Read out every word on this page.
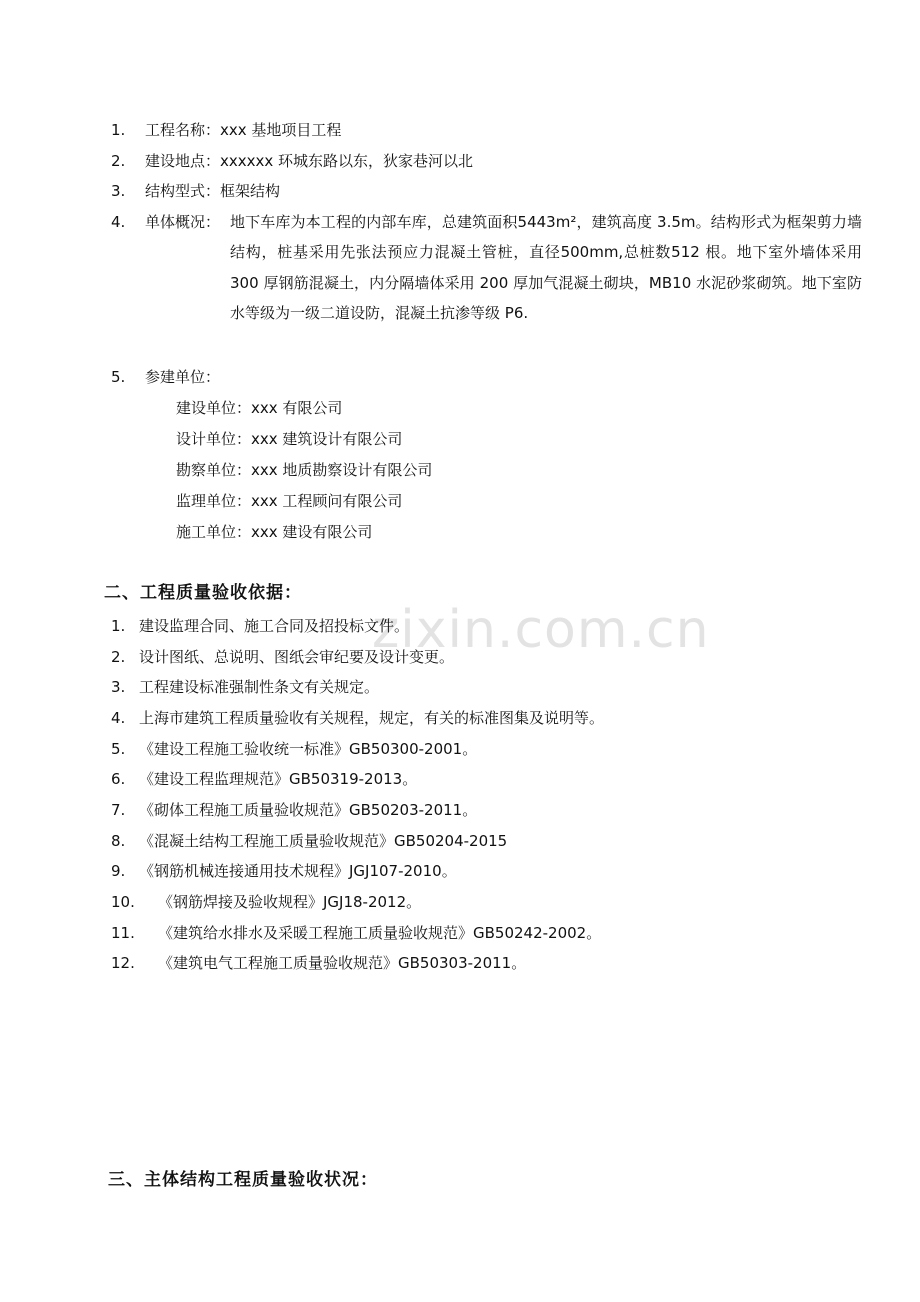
zixin.com.cn
1. 工程名称：xxx 基地项目工程
2. 建设地点：xxxxxx 环城东路以东，狄家巷河以北
3. 结构型式：框架结构
4. 单体概况： 地下车库为本工程的内部车库，总建筑面积5443m²，建筑高度 3.5m。结构形式为框架剪力墙结构，桩基采用先张法预应力混凝土管桩，直径500mm,总桩数512 根。地下室外墙体采用 300 厚钢筋混凝土，内分隔墙体采用 200 厚加气混凝土砌块，MB10 水泥砂浆砌筑。地下室防水等级为一级二道设防，混凝土抗渗等级 P6.
5. 参建单位：
建设单位：xxx 有限公司
设计单位：xxx 建筑设计有限公司
勘察单位：xxx 地质勘察设计有限公司
监理单位：xxx 工程顾问有限公司
施工单位：xxx 建设有限公司
二、工程质量验收依据：
1. 建设监理合同、施工合同及招投标文件。
2. 设计图纸、总说明、图纸会审纪要及设计变更。
3. 工程建设标准强制性条文有关规定。
4. 上海市建筑工程质量验收有关规程，规定，有关的标准图集及说明等。
5. 《建设工程施工验收统一标准》GB50300-2001。
6. 《建设工程监理规范》GB50319-2013。
7. 《砌体工程施工质量验收规范》GB50203-2011。
8. 《混凝土结构工程施工质量验收规范》GB50204-2015
9. 《钢筋机械连接通用技术规程》JGJ107-2010。
10. 《钢筋焊接及验收规程》JGJ18-2012。
11. 《建筑给水排水及采暖工程施工质量验收规范》GB50242-2002。
12. 《建筑电气工程施工质量验收规范》GB50303-2011。
三、主体结构工程质量验收状况：
